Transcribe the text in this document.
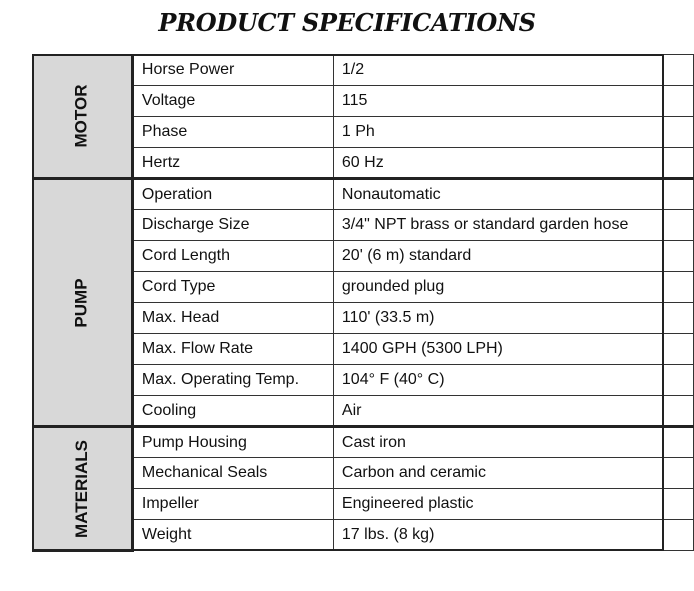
PRODUCT SPECIFICATIONS
MOTOR	Horse Power	1/2
	Voltage	115
	Phase	1 Ph
	Hertz	60 Hz
PUMP	Operation	Nonautomatic
	Discharge Size	3/4" NPT brass or standard garden hose
	Cord Length	20' (6 m) standard
	Cord Type	grounded plug
	Max. Head	110' (33.5 m)
	Max. Flow Rate	1400 GPH (5300 LPH)
	Max. Operating Temp.	104° F (40° C)
	Cooling	Air
MATERIALS	Pump Housing	Cast iron
	Mechanical Seals	Carbon and ceramic
	Impeller	Engineered plastic
	Weight	17 lbs. (8 kg)
